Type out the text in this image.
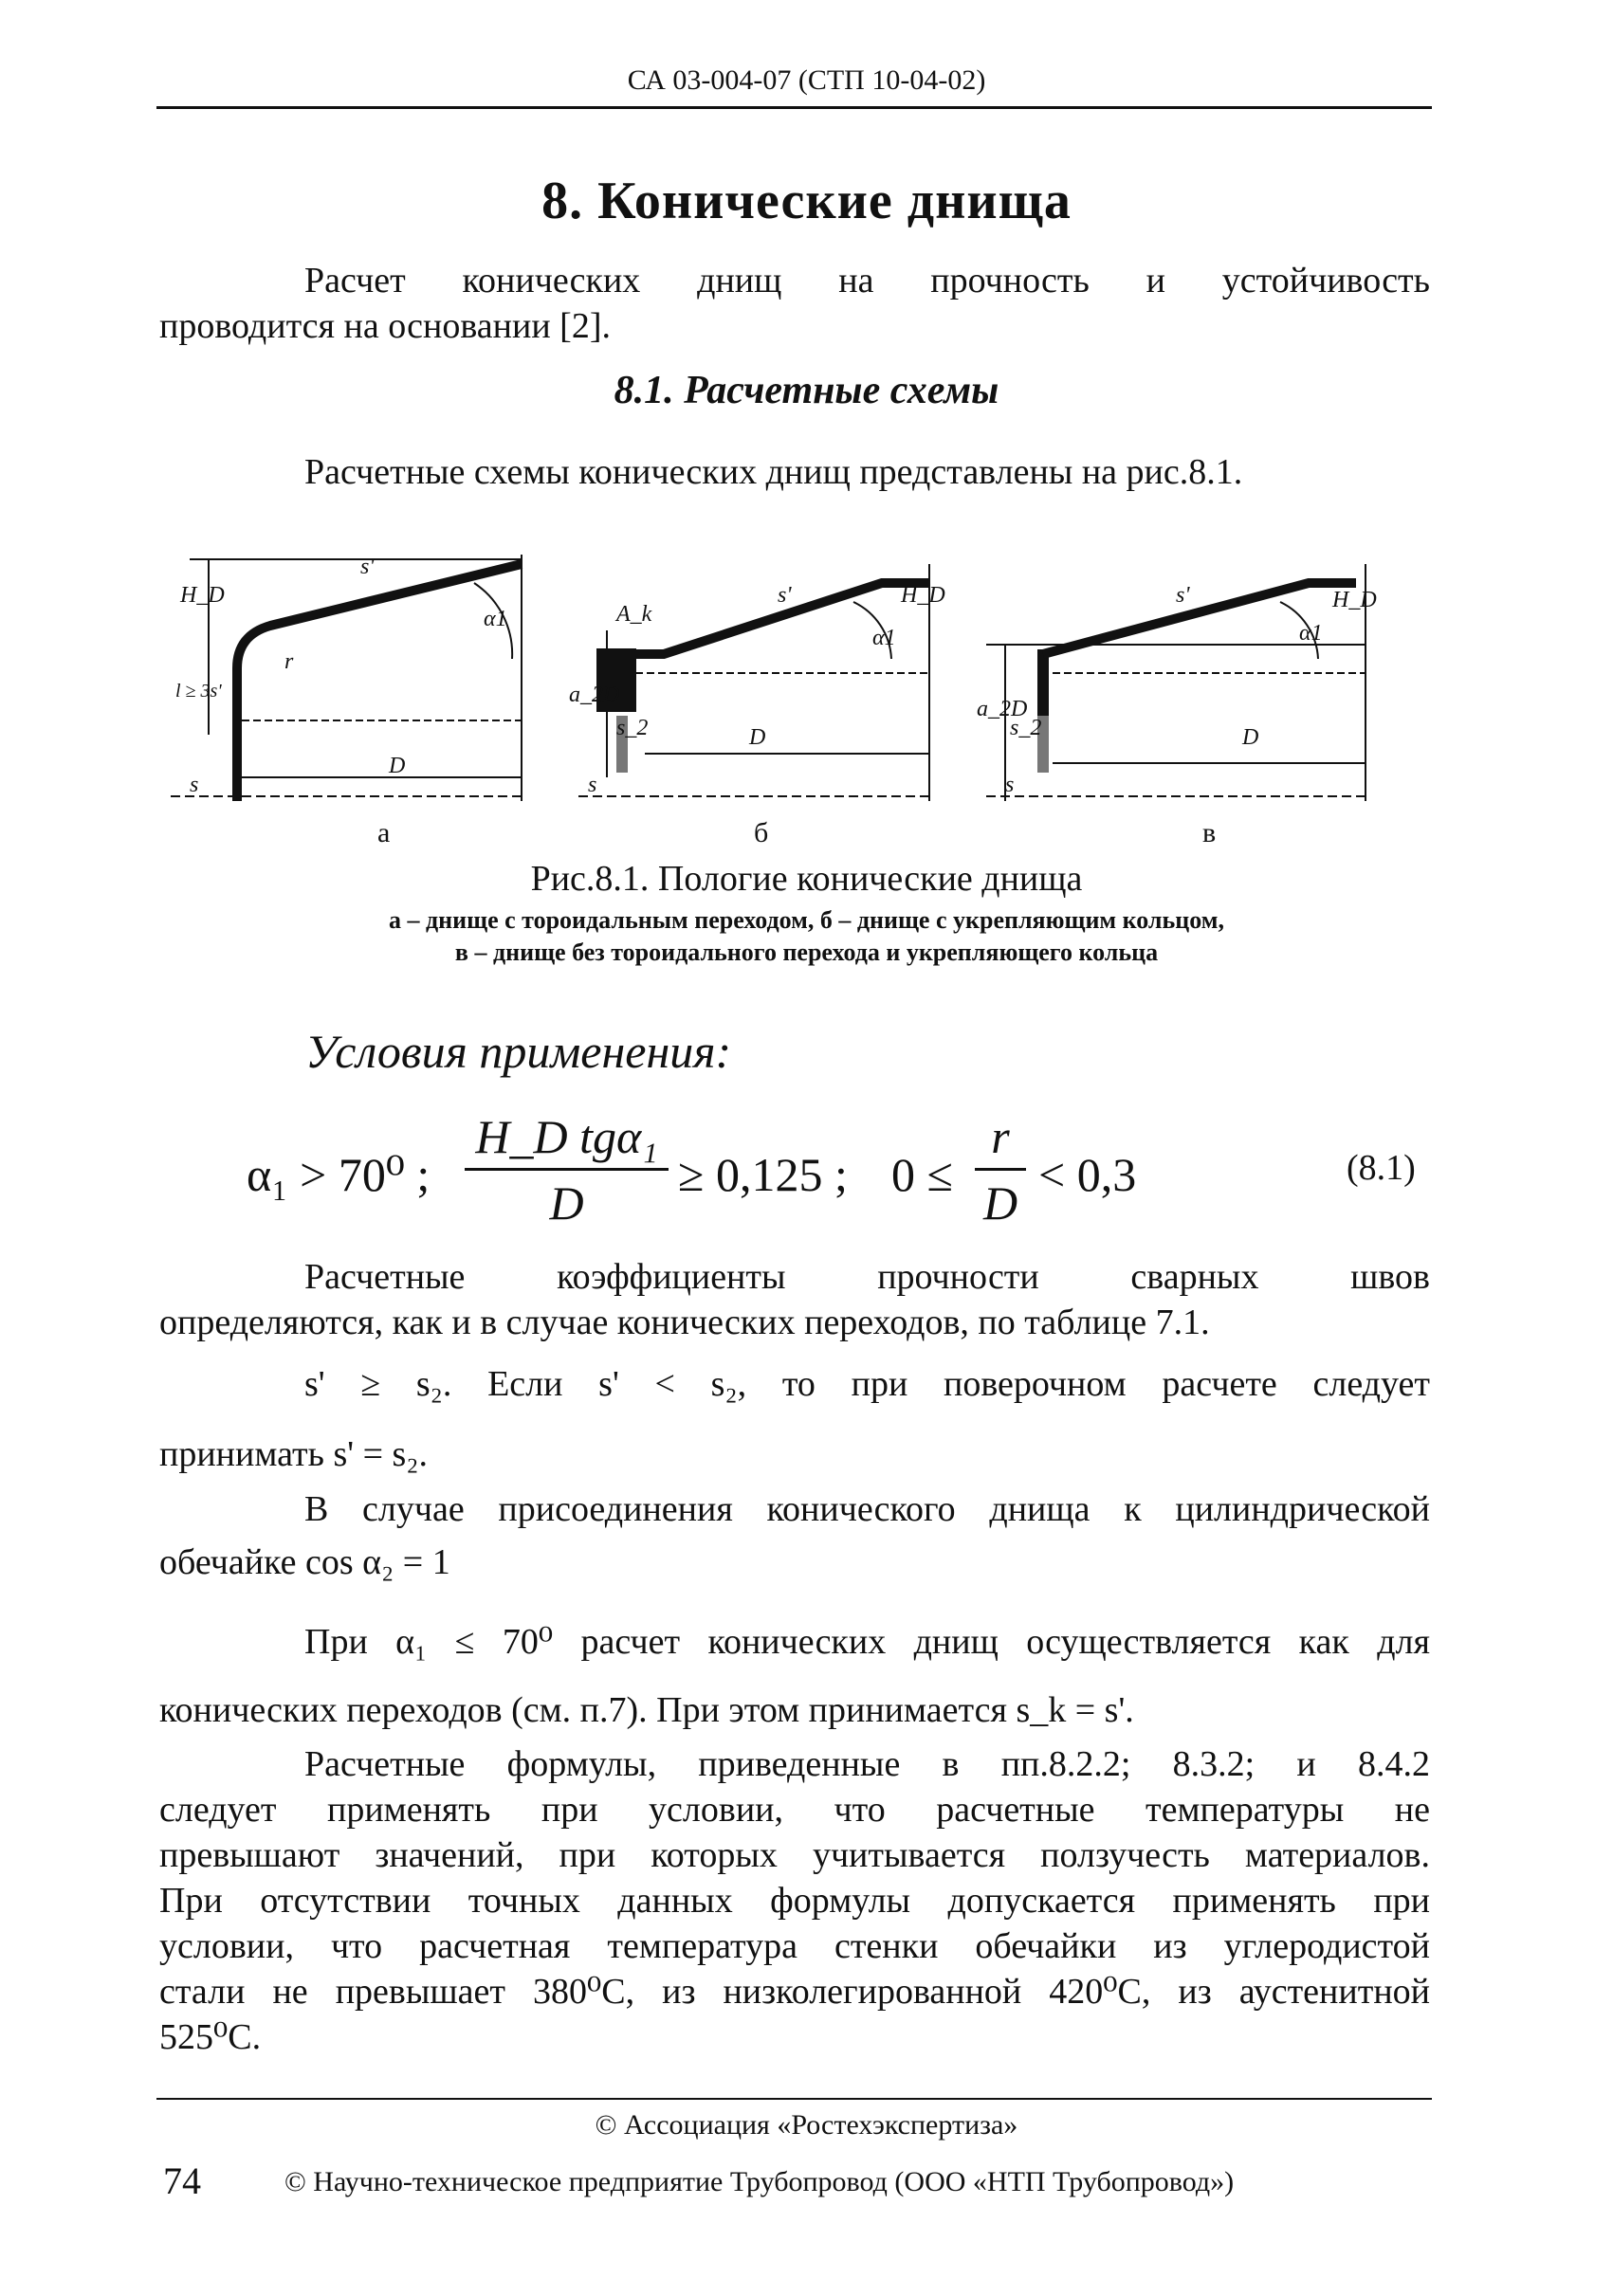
СА 03-004-07 (СТП 10-04-02)
8. Конические днища
Расчет конических днищ на прочность и устойчивость
проводится на основании [2].
8.1. Расчетные схемы
Расчетные схемы конических днищ представлены на рис.8.1.
H_D
s'
α1
r
l ≥ 3s'
D
s
A_k
s'
α1
H_D
a_2D
s_2	D
s
s'
α1
H_D
a_2D
s_2	D
s
а	б	в
Рис.8.1. Пологие конические днища
а – днище с тороидальным переходом, б – днище с укрепляющим кольцом,
в – днище без тороидального перехода и укрепляющего кольца
Условия применения:
α₁ > 70⁰ ;
H_D tgα₁
D
≥ 0,125 ; 0 ≤
r
D
< 0,3	(8.1)
Расчетные коэффициенты прочности сварных швов
определяются, как и в случае конических переходов, по таблице 7.1.
s' ≥ s₂. Если s' < s₂, то при поверочном расчете следует
принимать s' = s₂.
В случае присоединения конического днища к цилиндрической
обечайке cos α₂ = 1
При α₁ ≤ 70⁰ расчет конических днищ осуществляется как для
конических переходов (см. п.7). При этом принимается s_k = s'.
Расчетные формулы, приведенные в пп.8.2.2; 8.3.2; и 8.4.2
следует применять при условии, что расчетные температуры не
превышают значений, при которых учитывается ползучесть материалов.
При отсутствии точных данных формулы допускается применять при
условии, что расчетная температура стенки обечайки из углеродистой
стали не превышает 380⁰С, из низколегированной 420⁰С, из аустенитной
525⁰С.
© Ассоциация «Ростехэкспертиза»
74	© Научно-техническое предприятие Трубопровод (ООО «НТП Трубопровод»)
